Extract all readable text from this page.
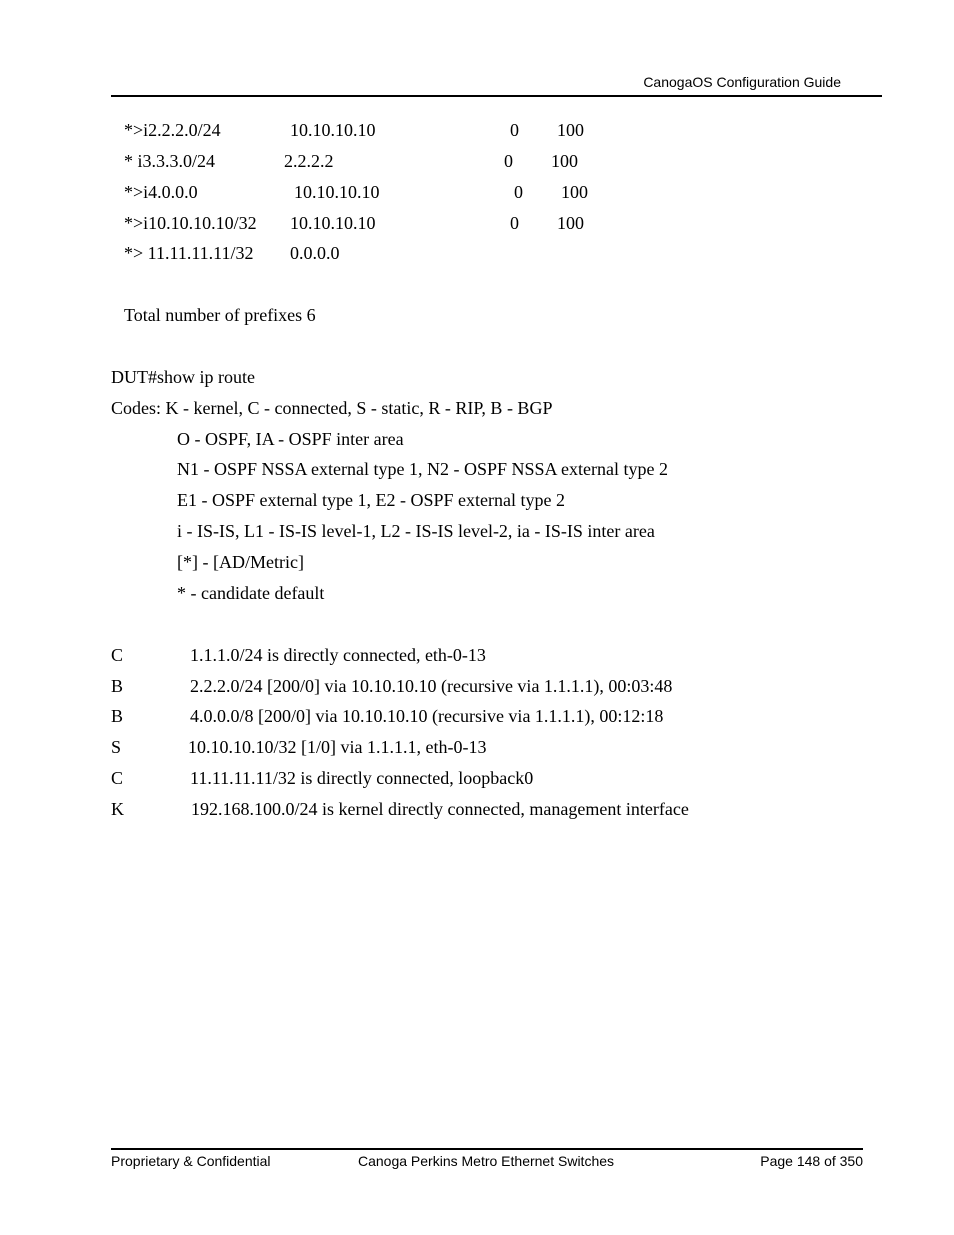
CanogaOS Configuration Guide
*>i2.2.2.0/24	10.10.10.10	0 100
* i3.3.3.0/24	2.2.2.2	0 100
*>i4.0.0.0	10.10.10.10	0 100
*>i10.10.10.10/32 10.10.10.10	0 100
*> 11.11.11.11/32 0.0.0.0
Total number of prefixes 6
DUT#show ip route
Codes: K - kernel, C - connected, S - static, R - RIP, B - BGP
O - OSPF, IA - OSPF inter area
N1 - OSPF NSSA external type 1, N2 - OSPF NSSA external type 2
E1 - OSPF external type 1, E2 - OSPF external type 2
i - IS-IS, L1 - IS-IS level-1, L2 - IS-IS level-2, ia - IS-IS inter area
[*] - [AD/Metric]
* - candidate default
C	1.1.1.0/24 is directly connected, eth-0-13
B	2.2.2.0/24 [200/0] via 10.10.10.10 (recursive via 1.1.1.1), 00:03:48
B	4.0.0.0/8 [200/0] via 10.10.10.10 (recursive via 1.1.1.1), 00:12:18
S	10.10.10.10/32 [1/0] via 1.1.1.1, eth-0-13
C	11.11.11.11/32 is directly connected, loopback0
K	192.168.100.0/24 is kernel directly connected, management interface
Proprietary & Confidential	Canoga Perkins Metro Ethernet Switches	Page 148 of 350
